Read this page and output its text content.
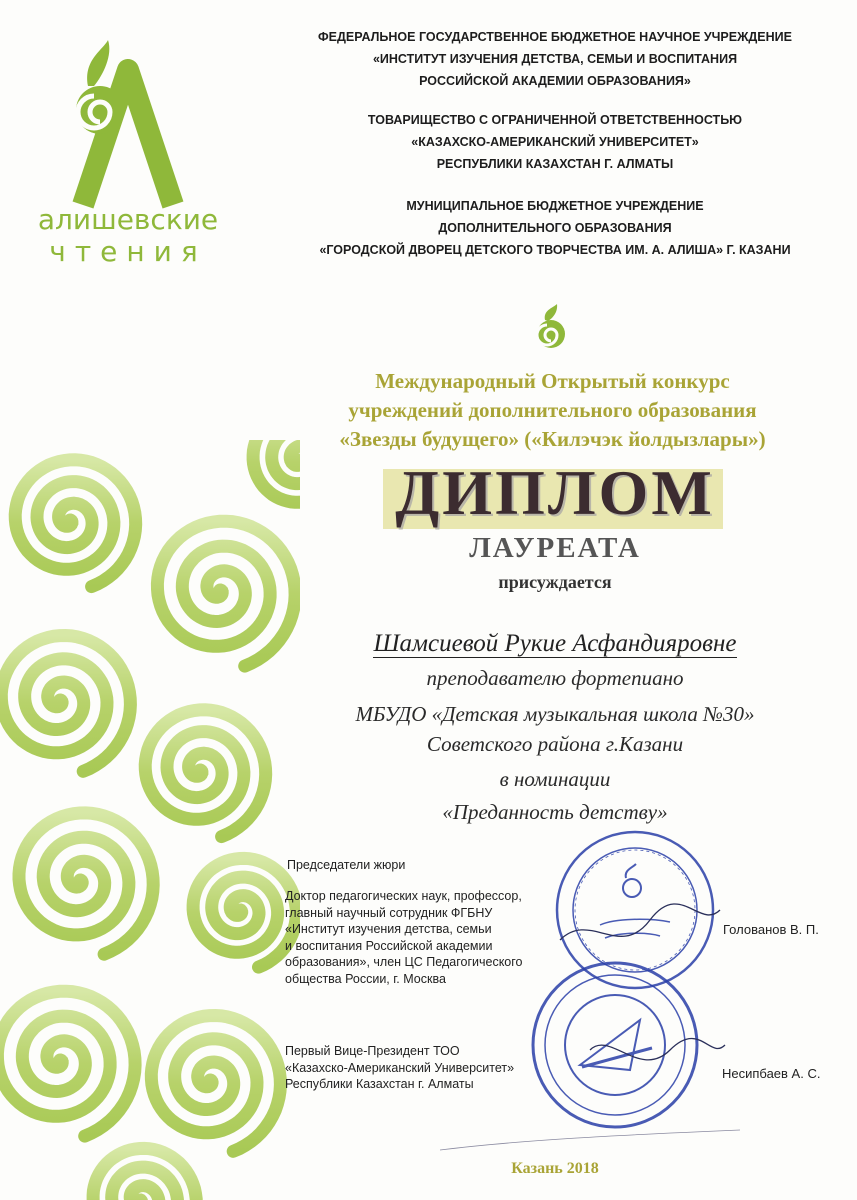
алишевские
чтения
ФЕДЕРАЛЬНОЕ ГОСУДАРСТВЕННОЕ БЮДЖЕТНОЕ НАУЧНОЕ УЧРЕЖДЕНИЕ
«ИНСТИТУТ ИЗУЧЕНИЯ ДЕТСТВА, СЕМЬИ И ВОСПИТАНИЯ
РОССИЙСКОЙ АКАДЕМИИ ОБРАЗОВАНИЯ»
ТОВАРИЩЕСТВО С ОГРАНИЧЕННОЙ ОТВЕТСТВЕННОСТЬЮ
«КАЗАХСКО-АМЕРИКАНСКИЙ УНИВЕРСИТЕТ»
РЕСПУБЛИКИ КАЗАХСТАН Г. АЛМАТЫ
МУНИЦИПАЛЬНОЕ БЮДЖЕТНОЕ УЧРЕЖДЕНИЕ
ДОПОЛНИТЕЛЬНОГО ОБРАЗОВАНИЯ
«ГОРОДСКОЙ ДВОРЕЦ ДЕТСКОГО ТВОРЧЕСТВА ИМ. А. АЛИША» Г. КАЗАНИ
Международный Открытый конкурс
учреждений дополнительного образования
«Звезды будущего» («Килэчэк йолдызлары»)
ДИПЛОМ
ЛАУРЕАТА
присуждается
Шамсиевой Рукие Асфандияровне
преподавателю фортепиано
МБУДО «Детская музыкальная школа №30»
Советского района г.Казани
в номинации
«Преданность детству»
Председатели жюри
Доктор педагогических наук, профессор,
главный научный сотрудник ФГБНУ
«Институт изучения детства, семьи
и воспитания Российской академии
образования», член ЦС Педагогического
общества России, г. Москва
Первый Вице-Президент ТОО
«Казахско-Американский Университет»
Республики Казахстан г. Алматы
Голованов В. П.
Несипбаев А. С.
Казань 2018
